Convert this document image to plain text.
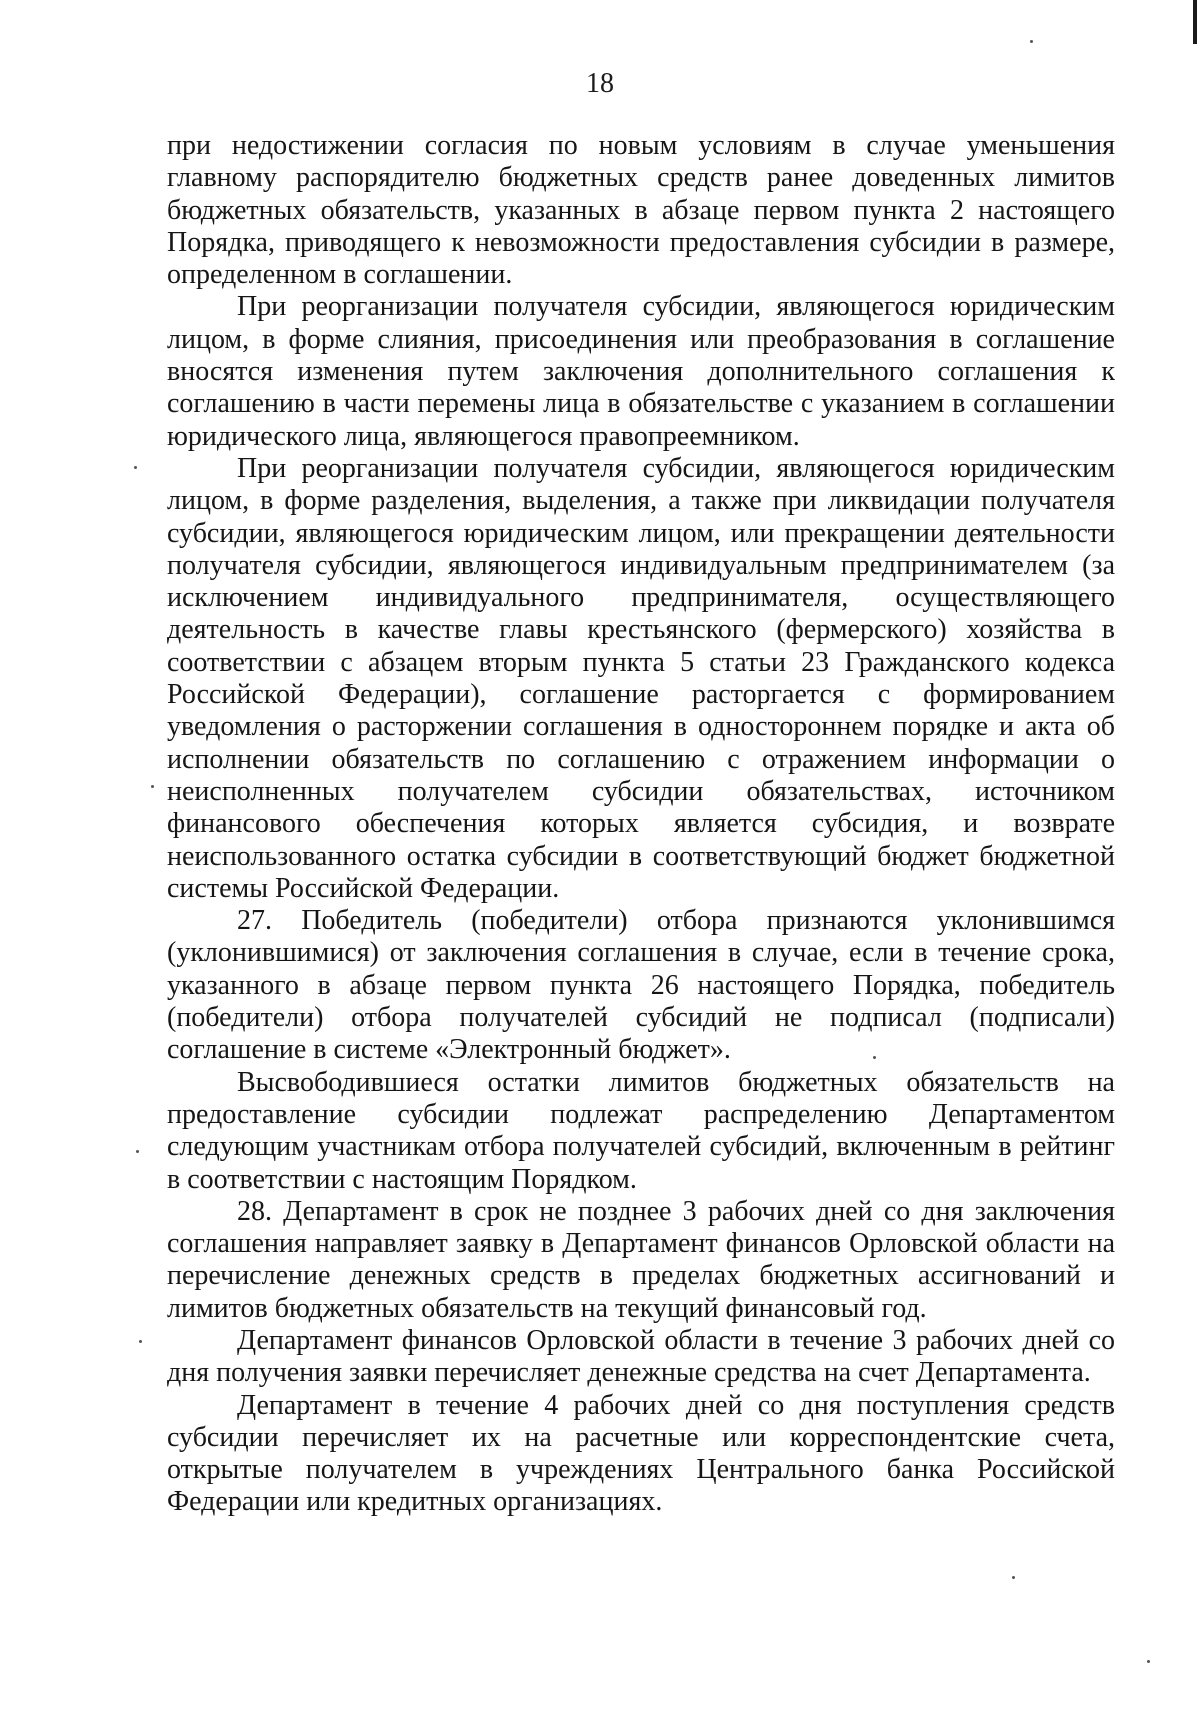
18

при недостижении согласия по новым условиям в случае уменьшения главному распорядителю бюджетных средств ранее доведенных лимитов бюджетных обязательств, указанных в абзаце первом пункта 2 настоящего Порядка, приводящего к невозможности предоставления субсидии в размере, определенном в соглашении.

При реорганизации получателя субсидии, являющегося юридическим лицом, в форме слияния, присоединения или преобразования в соглашение вносятся изменения путем заключения дополнительного соглашения к соглашению в части перемены лица в обязательстве с указанием в соглашении юридического лица, являющегося правопреемником.

При реорганизации получателя субсидии, являющегося юридическим лицом, в форме разделения, выделения, а также при ликвидации получателя субсидии, являющегося юридическим лицом, или прекращении деятельности получателя субсидии, являющегося индивидуальным предпринимателем (за исключением индивидуального предпринимателя, осуществляющего деятельность в качестве главы крестьянского (фермерского) хозяйства в соответствии с абзацем вторым пункта 5 статьи 23 Гражданского кодекса Российской Федерации), соглашение расторгается с формированием уведомления о расторжении соглашения в одностороннем порядке и акта об исполнении обязательств по соглашению с отражением информации о неисполненных получателем субсидии обязательствах, источником финансового обеспечения которых является субсидия, и возврате неиспользованного остатка субсидии в соответствующий бюджет бюджетной системы Российской Федерации.

27. Победитель (победители) отбора признаются уклонившимся (уклонившимися) от заключения соглашения в случае, если в течение срока, указанного в абзаце первом пункта 26 настоящего Порядка, победитель (победители) отбора получателей субсидий не подписал (подписали) соглашение в системе «Электронный бюджет».

Высвободившиеся остатки лимитов бюджетных обязательств на предоставление субсидии подлежат распределению Департаментом следующим участникам отбора получателей субсидий, включенным в рейтинг в соответствии с настоящим Порядком.

28. Департамент в срок не позднее 3 рабочих дней со дня заключения соглашения направляет заявку в Департамент финансов Орловской области на перечисление денежных средств в пределах бюджетных ассигнований и лимитов бюджетных обязательств на текущий финансовый год.

Департамент финансов Орловской области в течение 3 рабочих дней со дня получения заявки перечисляет денежные средства на счет Департамента.

Департамент в течение 4 рабочих дней со дня поступления средств субсидии перечисляет их на расчетные или корреспондентские счета, открытые получателем в учреждениях Центрального банка Российской Федерации или кредитных организациях.
